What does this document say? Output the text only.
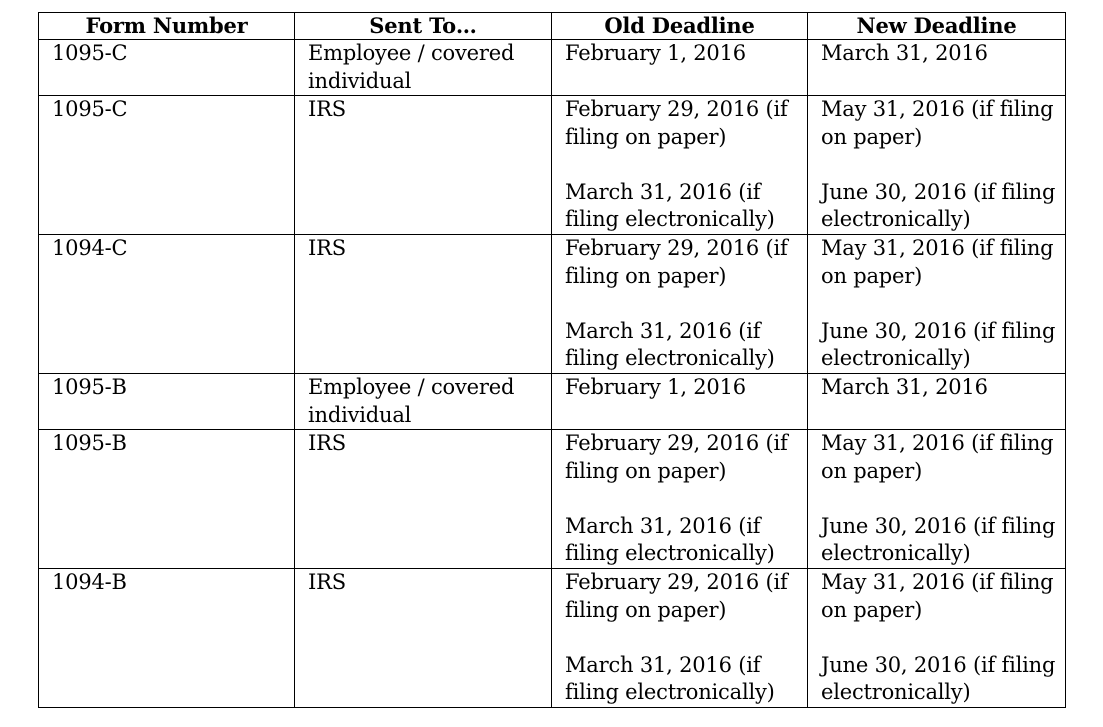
Form Number	Sent To…	Old Deadline	New Deadline

1095-C	Employee / covered
individual	February 1, 2016	March 31, 2016

1095-C	IRS	February 29, 2016 (if
filing on paper)
March 31, 2016 (if
filing electronically)	May 31, 2016 (if filing
on paper)
June 30, 2016 (if filing
electronically)

1094-C	IRS	February 29, 2016 (if
filing on paper)
March 31, 2016 (if
filing electronically)	May 31, 2016 (if filing
on paper)
June 30, 2016 (if filing
electronically)

1095-B	Employee / covered
individual	February 1, 2016	March 31, 2016

1095-B	IRS	February 29, 2016 (if
filing on paper)
March 31, 2016 (if
filing electronically)	May 31, 2016 (if filing
on paper)
June 30, 2016 (if filing
electronically)

1094-B	IRS	February 29, 2016 (if
filing on paper)
March 31, 2016 (if
filing electronically)	May 31, 2016 (if filing
on paper)
June 30, 2016 (if filing
electronically)
